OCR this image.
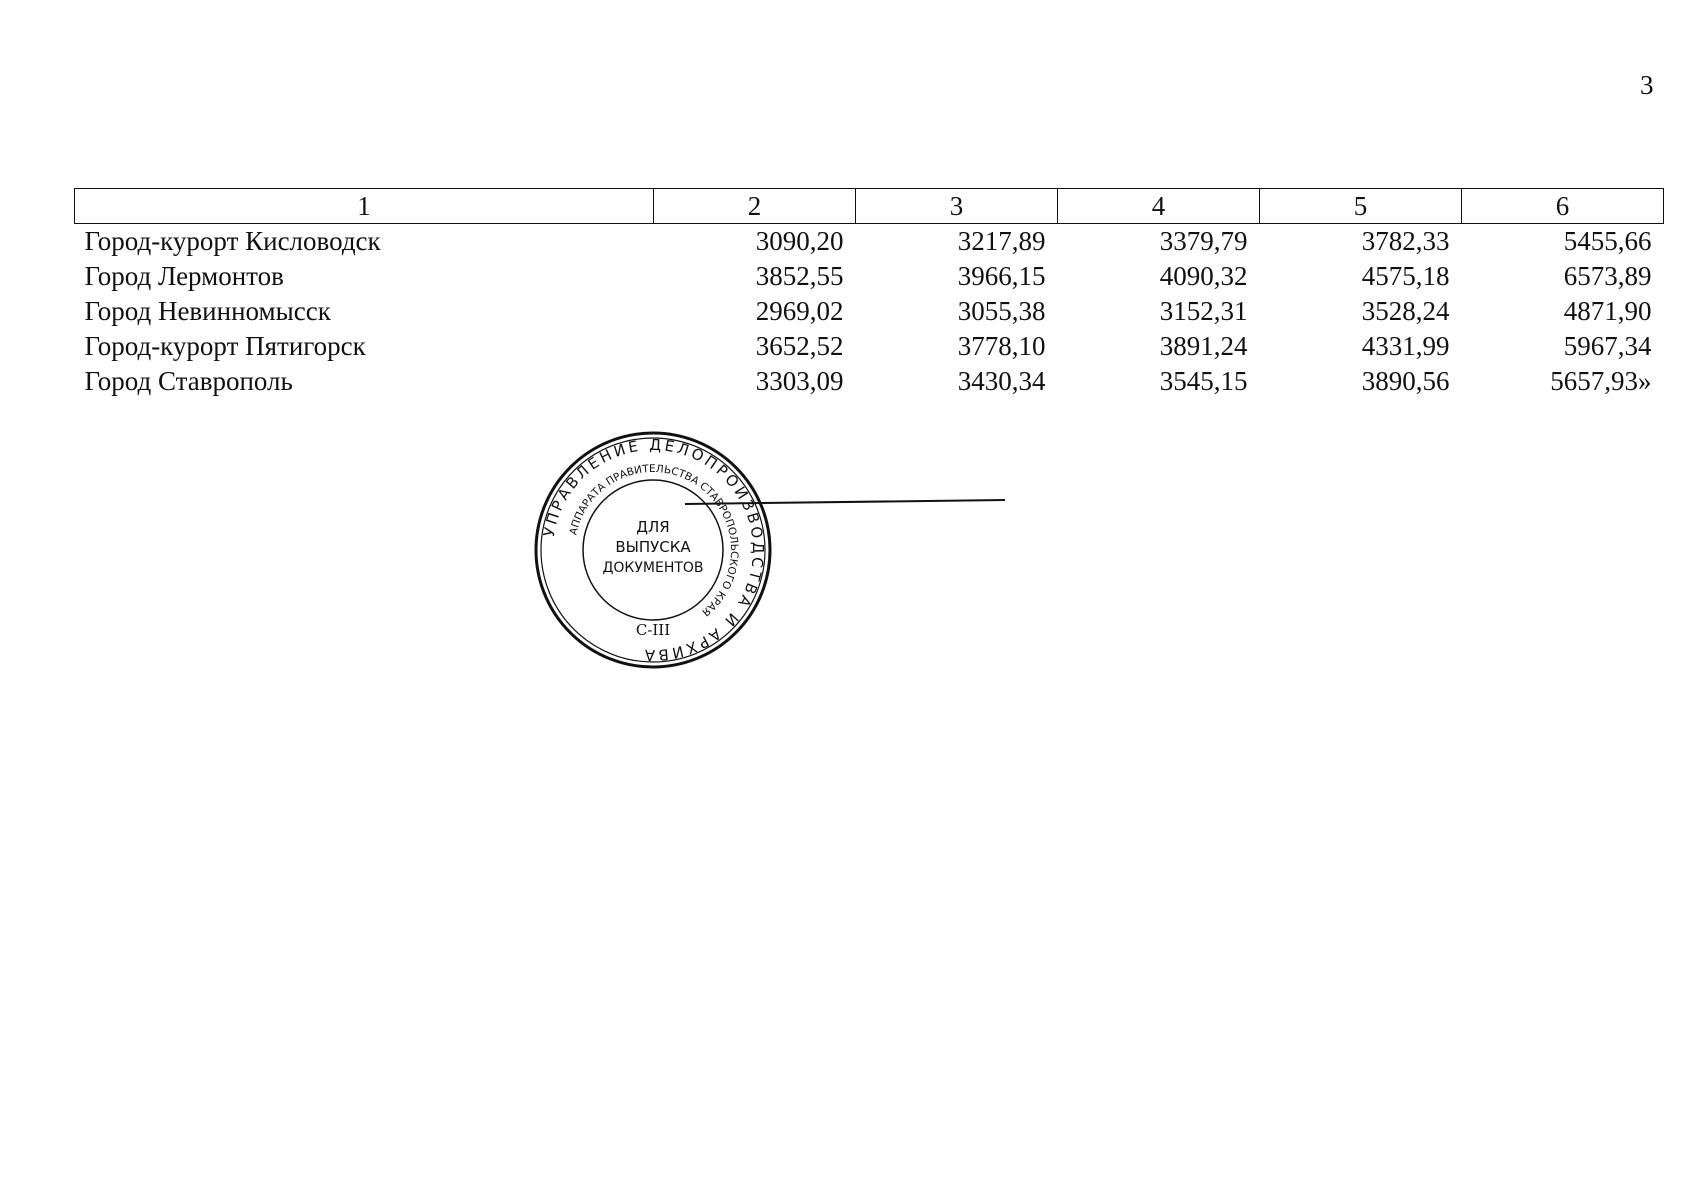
3
1	2	3	4	5	6
Город-курорт Кисловодск	3090,20	3217,89	3379,79	3782,33	5455,66
Город Лермонтов	3852,55	3966,15	4090,32	4575,18	6573,89
Город Невинномысск	2969,02	3055,38	3152,31	3528,24	4871,90
Город-курорт Пятигорск	3652,52	3778,10	3891,24	4331,99	5967,34
Город Ставрополь	3303,09	3430,34	3545,15	3890,56	5657,93»
УПРАВЛЕНИЕ ДЕЛОПРОИЗВОДСТВА И АРХИВА
АППАРАТА ПРАВИТЕЛЬСТВА СТАВРОПОЛЬСКОГО КРАЯ
ДЛЯ
ВЫПУСКА
ДОКУМЕНТОВ
С-III
